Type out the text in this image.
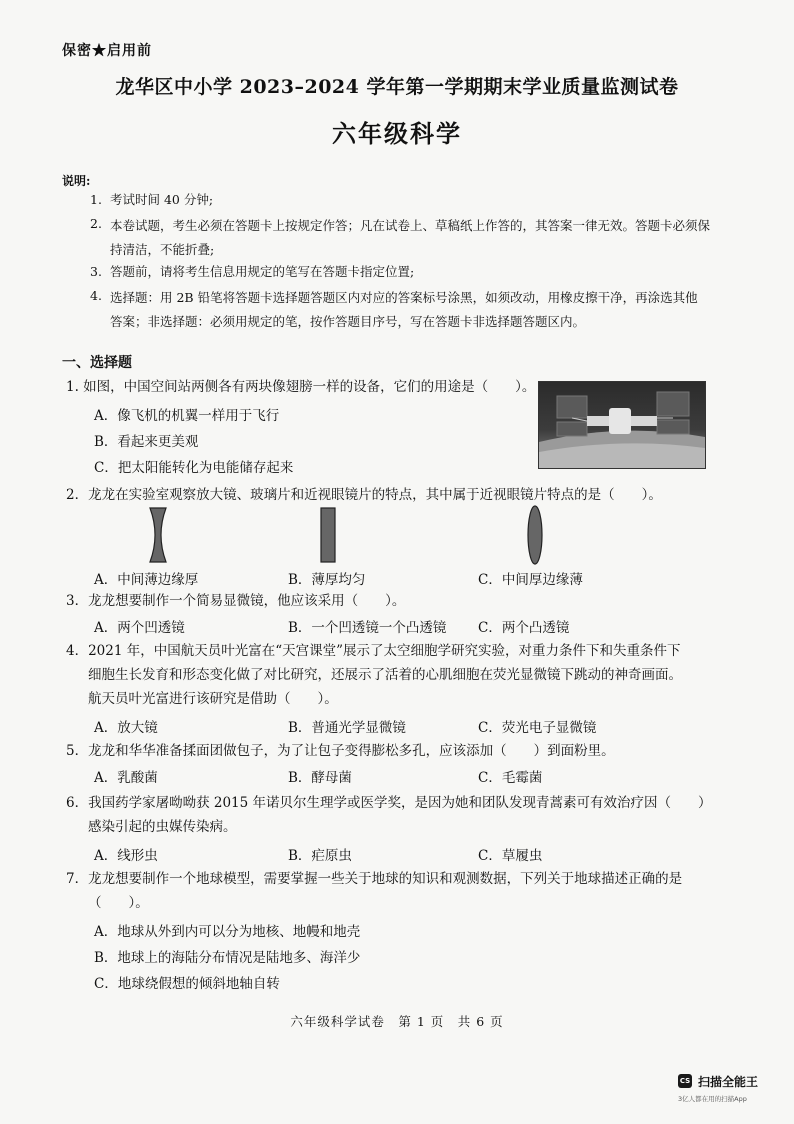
保密★启用前
龙华区中小学 2023–2024 学年第一学期期末学业质量监测试卷
六年级科学
说明:
1. 考试时间 40 分钟;
2. 本卷试题，考生必须在答题卡上按规定作答；凡在试卷上、草稿纸上作答的，其答案一律无效。答题卡必须保持清洁，不能折叠;
3. 答题前，请将考生信息用规定的笔写在答题卡指定位置;
4. 选择题：用 2B 铅笔将答题卡选择题答题区内对应的答案标号涂黑，如须改动，用橡皮擦干净，再涂选其他答案；非选择题：必须用规定的笔，按作答题目序号，写在答题卡非选择题答题区内。
一、选择题
1. 如图，中国空间站两侧各有两块像翅膀一样的设备，它们的用途是（　　）。
A．像飞机的机翼一样用于飞行
B．看起来更美观
C．把太阳能转化为电能储存起来
2．龙龙在实验室观察放大镜、玻璃片和近视眼镜片的特点，其中属于近视眼镜片特点的是（　　）。
A．中间薄边缘厚	B．薄厚均匀	C．中间厚边缘薄
3．龙龙想要制作一个简易显微镜，他应该采用（　　）。
A．两个凹透镜	B．一个凹透镜一个凸透镜 C．两个凸透镜
4．2021 年，中国航天员叶光富在“天宫课堂”展示了太空细胞学研究实验，对重力条件下和失重条件下
细胞生长发育和形态变化做了对比研究，还展示了活着的心肌细胞在荧光显微镜下跳动的神奇画面。
航天员叶光富进行该研究是借助（　　）。
A．放大镜	B．普通光学显微镜	C．荧光电子显微镜
5．龙龙和华华准备揉面团做包子，为了让包子变得膨松多孔，应该添加（　　）到面粉里。
A．乳酸菌	B．酵母菌	C．毛霉菌
6．我国药学家屠呦呦获 2015 年诺贝尔生理学或医学奖，是因为她和团队发现青蒿素可有效治疗因（　　）
感染引起的虫媒传染病。
A．线形虫	B．疟原虫	C．草履虫
7．龙龙想要制作一个地球模型，需要掌握一些关于地球的知识和观测数据，下列关于地球描述正确的是
（　　）。
A．地球从外到内可以分为地核、地幔和地壳
B．地球上的海陆分布情况是陆地多、海洋少
C．地球绕假想的倾斜地轴自转
六年级科学试卷　第 1 页　共 6 页
CS 扫描全能王
3亿人都在用的扫描App
